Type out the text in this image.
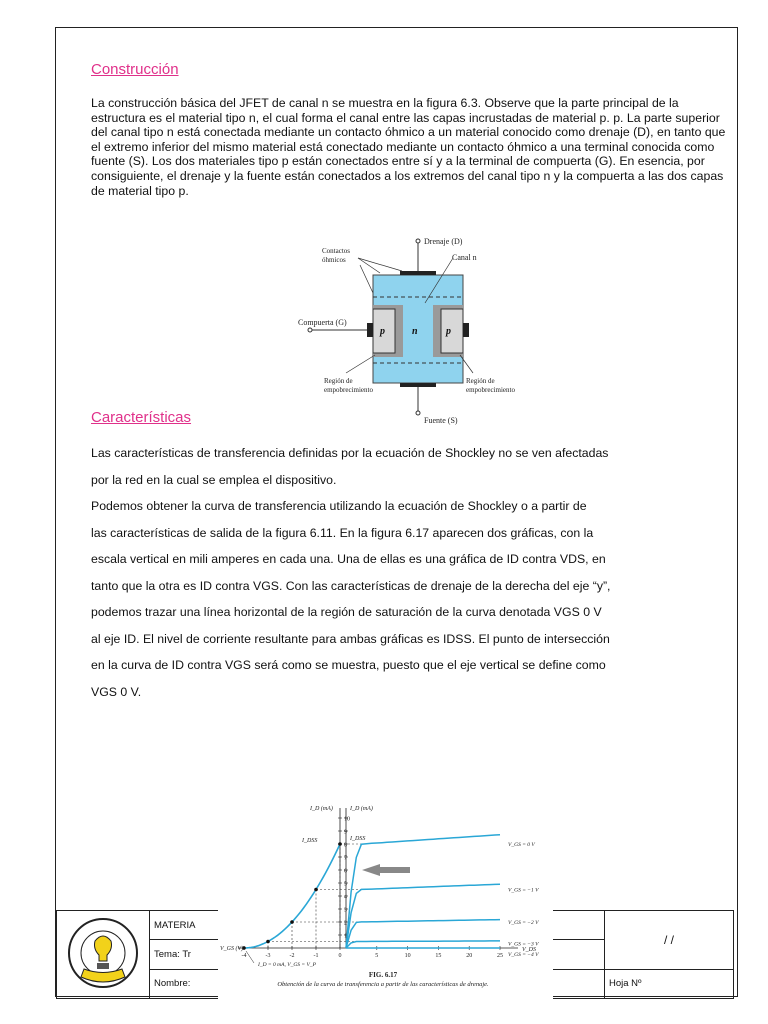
Construcción

La construcción básica del JFET de canal n se muestra en la figura 6.3. Observe que la parte principal de la estructura es el material tipo n, el cual forma el canal entre las capas incrustadas de material p. p. La parte superior del canal tipo n está conectada mediante un contacto óhmico a un material conocido como drenaje (D), en tanto que el extremo inferior del mismo material está conectado mediante un contacto óhmico a una terminal conocida como fuente (S). Los dos materiales tipo p están conectados entre sí y a la terminal de compuerta (G). En esencia, por consiguiente, el drenaje y la fuente están conectados a los extremos del canal tipo n y la compuerta a las dos capas de material tipo p.

Drenaje (D)
Contactos
óhmicos	Canal n
Compuerta (G)
p	n	p
Región de
empobrecimiento
Región de
empobrecimiento
Fuente (S)
Características
Las características de transferencia definidas por la ecuación de Shockley no se ven afectadas
por la red en la cual se emplea el dispositivo.
Podemos obtener la curva de transferencia utilizando la ecuación de Shockley o a partir de
las características de salida de la figura 6.11. En la figura 6.17 aparecen dos gráficas, con la
escala vertical en mili amperes en cada una. Una de ellas es una gráfica de ID contra VDS, en
tanto que la otra es ID contra VGS. Con las características de drenaje de la derecha del eje “y”,
podemos trazar una línea horizontal de la región de saturación de la curva denotada VGS 0 V
al eje ID. El nivel de corriente resultante para ambas gráficas es IDSS. El punto de intersección
en la curva de ID contra VGS será como se muestra, puesto que el eje vertical se define como
VGS 0 V.
	MATERIA	/ /
	Tema: Tr	
	Nombre:	Hoja Nº
10
9
8
7
6
5
4
3
2
1
-4	-3	-2	-1	0	5	10	15	20	25
V_GS = 0 V
V_GS = −1 V
V_GS = −2 V
V_GS = −3 V
V_GS = −4 V
I_D (mA)	I_D (mA)
V_GS (V)	V_DS
I_DSS	I_DSS
I_D = 0 mA, V_GS = V_P
FIG. 6.17
Obtención de la curva de transferencia a partir de las características de drenaje.
